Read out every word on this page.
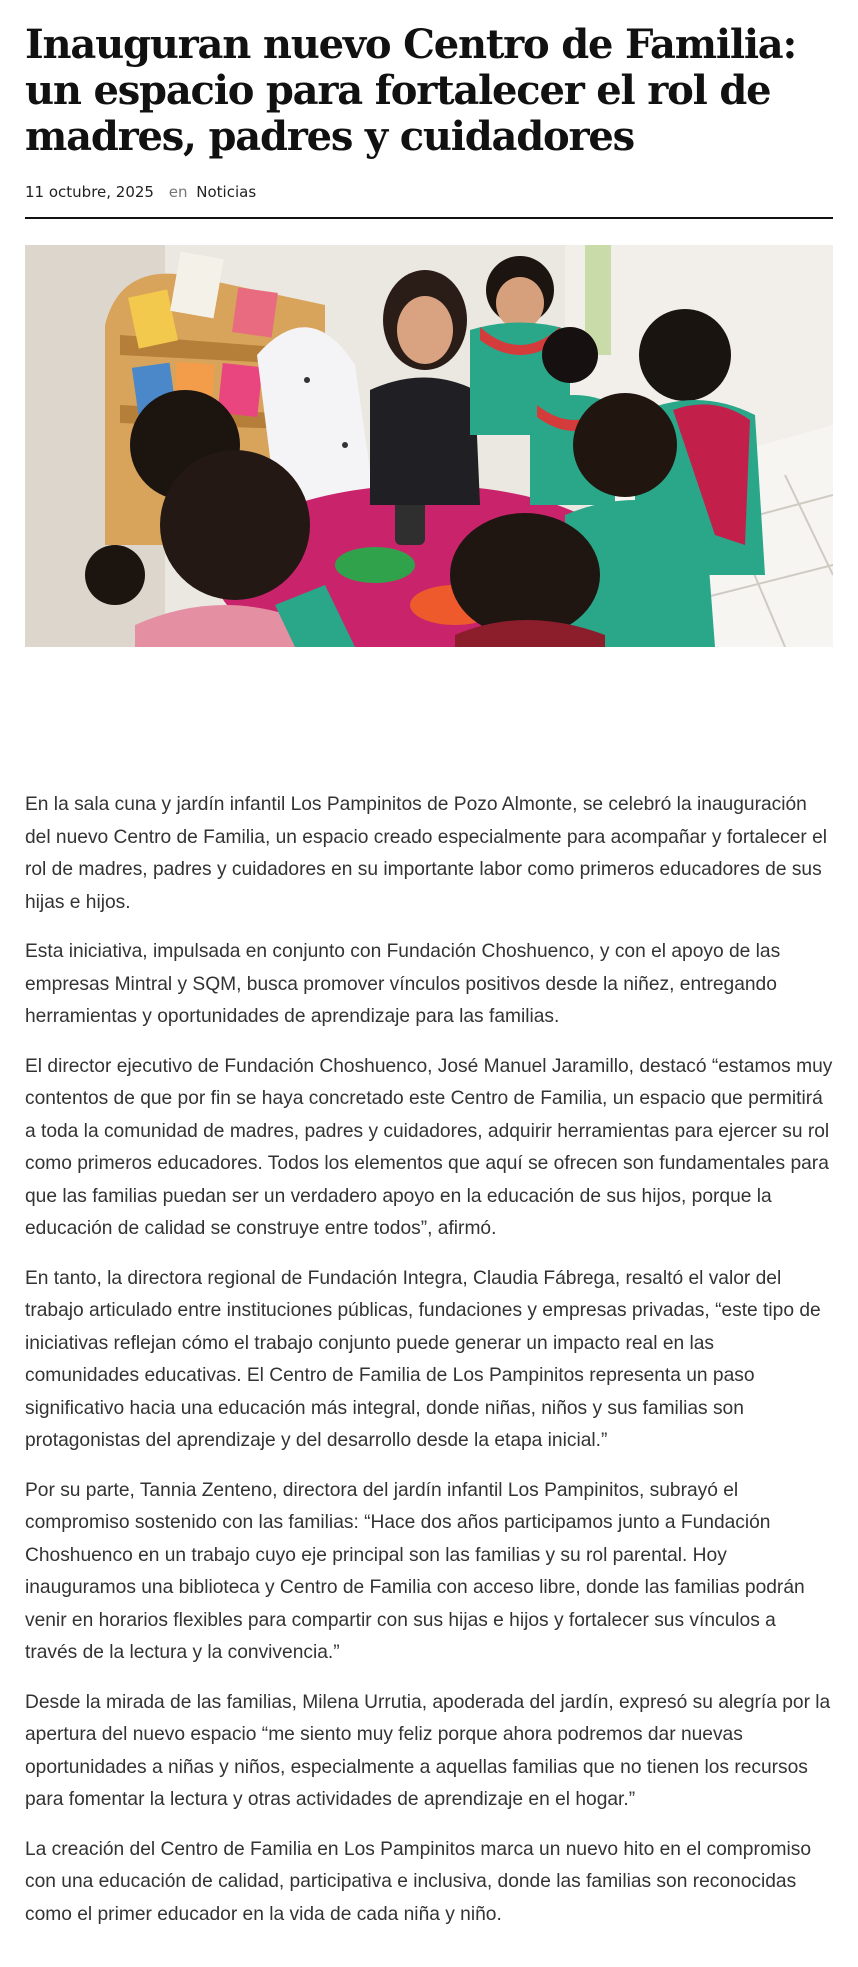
Inauguran nuevo Centro de Familia: un espacio para fortalecer el rol de madres, padres y cuidadores
11 octubre, 2025 en Noticias

En la sala cuna y jardín infantil Los Pampinitos de Pozo Almonte, se celebró la inauguración del nuevo Centro de Familia, un espacio creado especialmente para acompañar y fortalecer el rol de madres, padres y cuidadores en su importante labor como primeros educadores de sus hijas e hijos.

Esta iniciativa, impulsada en conjunto con Fundación Choshuenco, y con el apoyo de las empresas Mintral y SQM, busca promover vínculos positivos desde la niñez, entregando herramientas y oportunidades de aprendizaje para las familias.

El director ejecutivo de Fundación Choshuenco, José Manuel Jaramillo, destacó “estamos muy contentos de que por fin se haya concretado este Centro de Familia, un espacio que permitirá a toda la comunidad de madres, padres y cuidadores, adquirir herramientas para ejercer su rol como primeros educadores. Todos los elementos que aquí se ofrecen son fundamentales para que las familias puedan ser un verdadero apoyo en la educación de sus hijos, porque la educación de calidad se construye entre todos”, afirmó.

En tanto, la directora regional de Fundación Integra, Claudia Fábrega, resaltó el valor del trabajo articulado entre instituciones públicas, fundaciones y empresas privadas, “este tipo de iniciativas reflejan cómo el trabajo conjunto puede generar un impacto real en las comunidades educativas. El Centro de Familia de Los Pampinitos representa un paso significativo hacia una educación más integral, donde niñas, niños y sus familias son protagonistas del aprendizaje y del desarrollo desde la etapa inicial.”

Por su parte, Tannia Zenteno, directora del jardín infantil Los Pampinitos, subrayó el compromiso sostenido con las familias: “Hace dos años participamos junto a Fundación Choshuenco en un trabajo cuyo eje principal son las familias y su rol parental. Hoy inauguramos una biblioteca y Centro de Familia con acceso libre, donde las familias podrán venir en horarios flexibles para compartir con sus hijas e hijos y fortalecer sus vínculos a través de la lectura y la convivencia.”

Desde la mirada de las familias, Milena Urrutia, apoderada del jardín, expresó su alegría por la apertura del nuevo espacio “me siento muy feliz porque ahora podremos dar nuevas oportunidades a niñas y niños, especialmente a aquellas familias que no tienen los recursos para fomentar la lectura y otras actividades de aprendizaje en el hogar.”

La creación del Centro de Familia en Los Pampinitos marca un nuevo hito en el compromiso con una educación de calidad, participativa e inclusiva, donde las familias son reconocidas como el primer educador en la vida de cada niña y niño.
